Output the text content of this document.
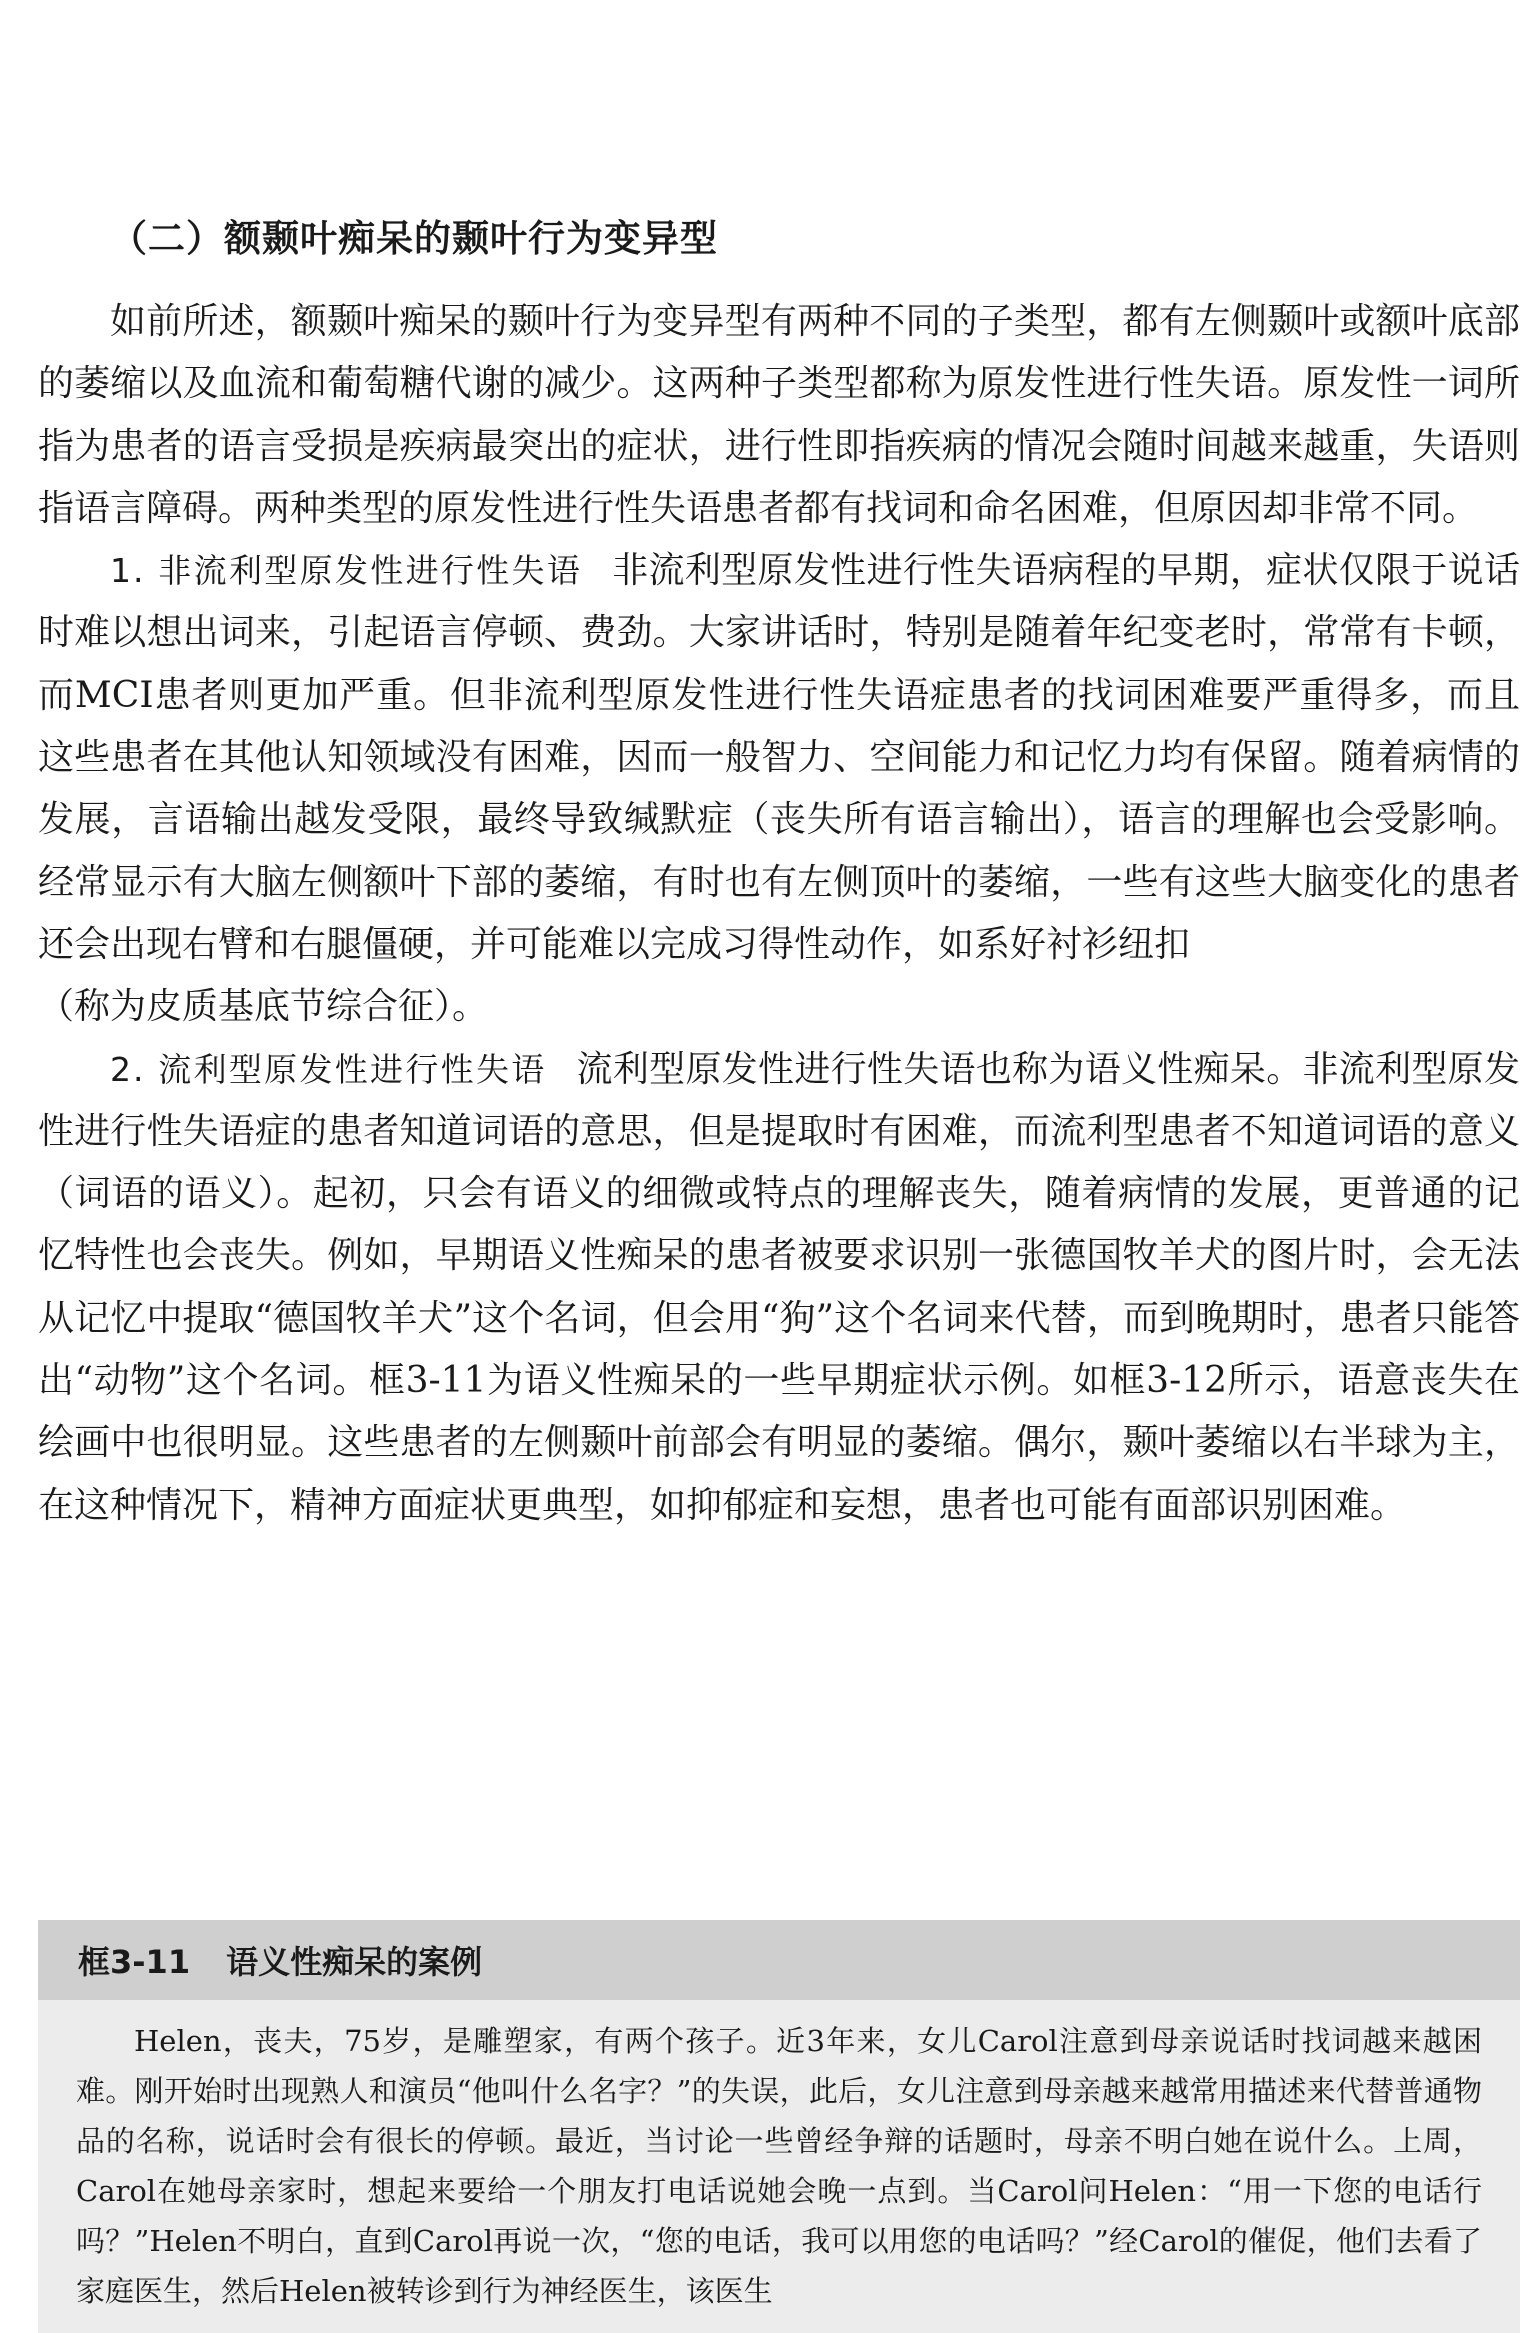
（二）额颞叶痴呆的颞叶行为变异型

如前所述，额颞叶痴呆的颞叶行为变异型有两种不同的子类型，都有左侧颞叶或额叶底部的萎缩以及血流和葡萄糖代谢的减少。这两种子类型都称为原发性进行性失语。原发性一词所指为患者的语言受损是疾病最突出的症状，进行性即指疾病的情况会随时间越来越重，失语则指语言障碍。两种类型的原发性进行性失语患者都有找词和命名困难，但原因却非常不同。

1. 非流利型原发性进行性失语 非流利型原发性进行性失语病程的早期，症状仅限于说话时难以想出词来，引起语言停顿、费劲。大家讲话时，特别是随着年纪变老时，常常有卡顿，而MCI患者则更加严重。但非流利型原发性进行性失语症患者的找词困难要严重得多，而且这些患者在其他认知领域没有困难，因而一般智力、空间能力和记忆力均有保留。随着病情的发展，言语输出越发受限，最终导致缄默症（丧失所有语言输出），语言的理解也会受影响。经常显示有大脑左侧额叶下部的萎缩，有时也有左侧顶叶的萎缩，一些有这些大脑变化的患者还会出现右臂和右腿僵硬，并可能难以完成习得性动作，如系好衬衫纽扣

（称为皮质基底节综合征）。

2. 流利型原发性进行性失语 流利型原发性进行性失语也称为语义性痴呆。非流利型原发性进行性失语症的患者知道词语的意思，但是提取时有困难，而流利型患者不知道词语的意义（词语的语义）。起初，只会有语义的细微或特点的理解丧失，随着病情的发展，更普通的记忆特性也会丧失。例如，早期语义性痴呆的患者被要求识别一张德国牧羊犬的图片时，会无法从记忆中提取“德国牧羊犬”这个名词，但会用“狗”这个名词来代替，而到晚期时，患者只能答出“动物”这个名词。框3-11为语义性痴呆的一些早期症状示例。如框3-12所示，语意丧失在绘画中也很明显。这些患者的左侧颞叶前部会有明显的萎缩。偶尔，颞叶萎缩以右半球为主，在这种情况下，精神方面症状更典型，如抑郁症和妄想，患者也可能有面部识别困难。

框3-11 语义性痴呆的案例

Helen，丧夫，75岁，是雕塑家，有两个孩子。近3年来，女儿Carol注意到母亲说话时找词越来越困难。刚开始时出现熟人和演员“他叫什么名字？”的失误，此后，女儿注意到母亲越来越常用描述来代替普通物品的名称，说话时会有很长的停顿。最近，当讨论一些曾经争辩的话题时，母亲不明白她在说什么。上周，Carol在她母亲家时，想起来要给一个朋友打电话说她会晚一点到。当Carol问Helen：“用一下您的电话行吗？”Helen不明白，直到Carol再说一次，“您的电话，我可以用您的电话吗？”经Carol的催促，他们去看了家庭医生，然后Helen被转诊到行为神经医生，该医生
